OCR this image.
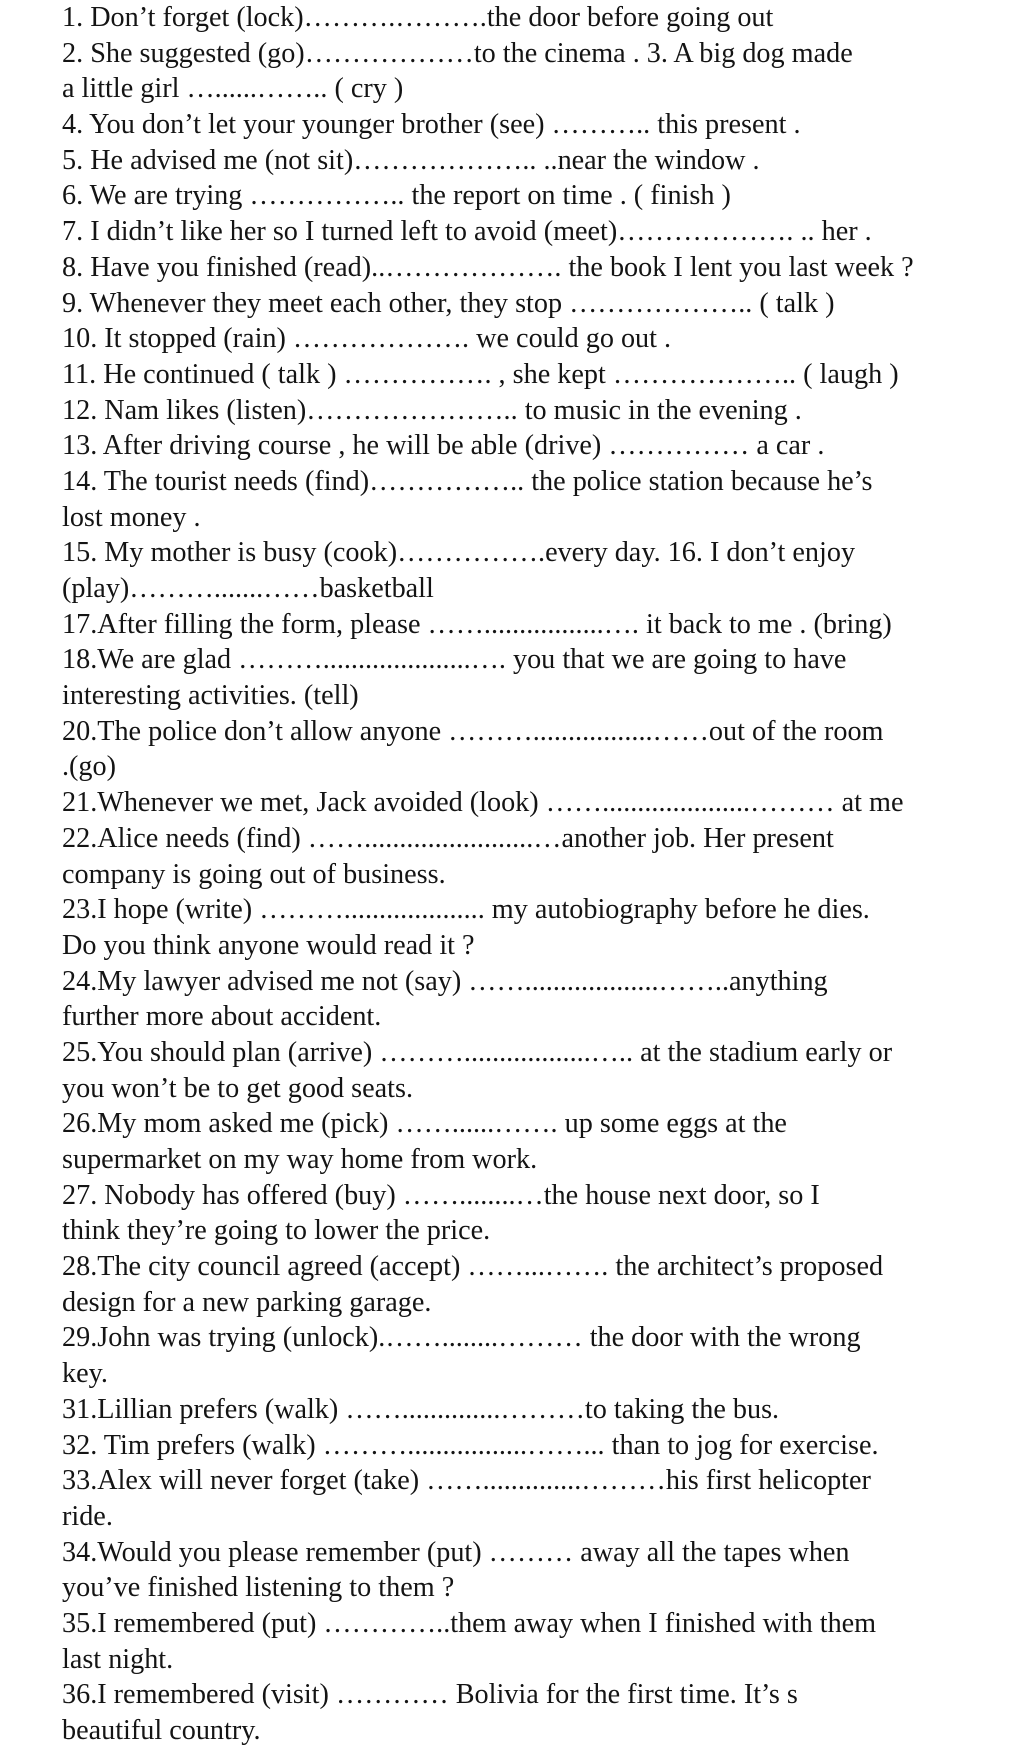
1. Don’t forget (lock)……….……….the door before going out
2. She suggested (go)………………to the cinema . 3. A big dog made
a little girl …......…….. ( cry )
4. You don’t let your younger brother (see) ……….. this present .
5. He advised me (not sit)……………….. ..near the window .
6. We are trying …………….. the report on time . ( finish )
7. I didn’t like her so I turned left to avoid (meet)………………. .. her .
8. Have you finished (read)..………………. the book I lent you last week ?
9. Whenever they meet each other, they stop ……………….. ( talk )
10. It stopped (rain) ………………. we could go out .
11. He continued ( talk ) ……………. , she kept ……………….. ( laugh )
12. Nam likes (listen)………………….. to music in the evening .
13. After driving course , he will be able (drive) …………… a car .
14. The tourist needs (find)…………….. the police station because he’s
lost money .
15. My mother is busy (cook)…………….every day. 16. I don’t enjoy
(play)……….......……basketball
17.After filling the form, please …….................…. it back to me . (bring)
18.We are glad ……….....................…. you that we are going to have
interesting activities. (tell)
20.The police don’t allow anyone ……….................……out of the room
.(go)
21.Whenever we met, Jack avoided (look) …….....................……… at me
22.Alice needs (find) ……........................…another job. Her present
company is going out of business.
23.I hope (write) ……….................... my autobiography before he dies.
Do you think anyone would read it ?
24.My lawyer advised me not (say) ……...................……..anything
further more about accident.
25.You should plan (arrive) ………..................….. at the stadium early or
you won’t be to get good seats.
26.My mom asked me (pick) ……......……. up some eggs at the
supermarket on my way home from work.
27. Nobody has offered (buy) ……........…the house next door, so I
think they’re going to lower the price.
28.The city council agreed (accept) ……...……. the architect’s proposed
design for a new parking garage.
29.John was trying (unlock).……........……… the door with the wrong
key.
31.Lillian prefers (walk) ……..............………to taking the bus.
32. Tim prefers (walk) ……….................……... than to jog for exercise.
33.Alex will never forget (take) ……..............………his first helicopter
ride.
34.Would you please remember (put) ……… away all the tapes when
you’ve finished listening to them ?
35.I remembered (put) …………..them away when I finished with them
last night.
36.I remembered (visit) ………… Bolivia for the first time. It’s s
beautiful country.
